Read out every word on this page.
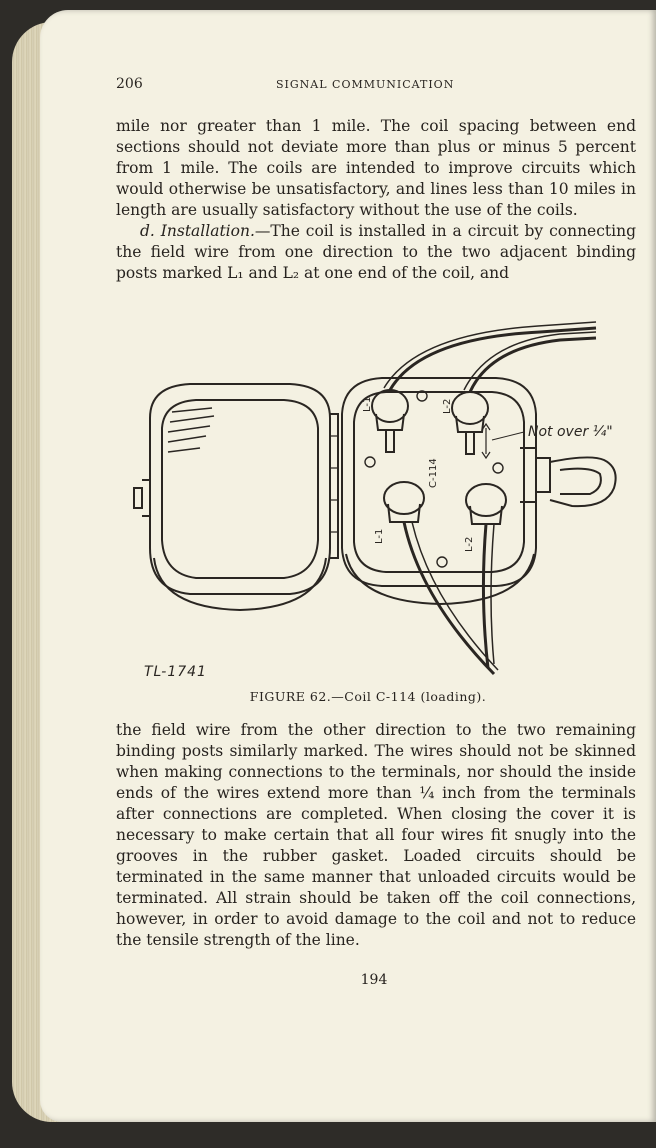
206	SIGNAL COMMUNICATION
mile nor greater than 1 mile. The coil spacing between end sections should not deviate more than plus or minus 5 percent from 1 mile. The coils are intended to improve circuits which would otherwise be unsatisfactory, and lines less than 10 miles in length are usually satisfactory without the use of the coils.
d. Installation.—The coil is installed in a circuit by connecting the field wire from one direction to the two adjacent binding posts marked L₁ and L₂ at one end of the coil, and
L-1	L-2
L-1
L-2
C-114
Not over ¼"
TL-1741
FIGURE 62.—Coil C-114 (loading).

the field wire from the other direction to the two remaining binding posts similarly marked. The wires should not be skinned when making connections to the terminals, nor should the inside ends of the wires extend more than ¼ inch from the terminals after connections are completed. When closing the cover it is necessary to make certain that all four wires fit snugly into the grooves in the rubber gasket. Loaded circuits should be terminated in the same manner that unloaded circuits would be terminated. All strain should be taken off the coil connections, however, in order to avoid damage to the coil and not to reduce the tensile strength of the line.

194
